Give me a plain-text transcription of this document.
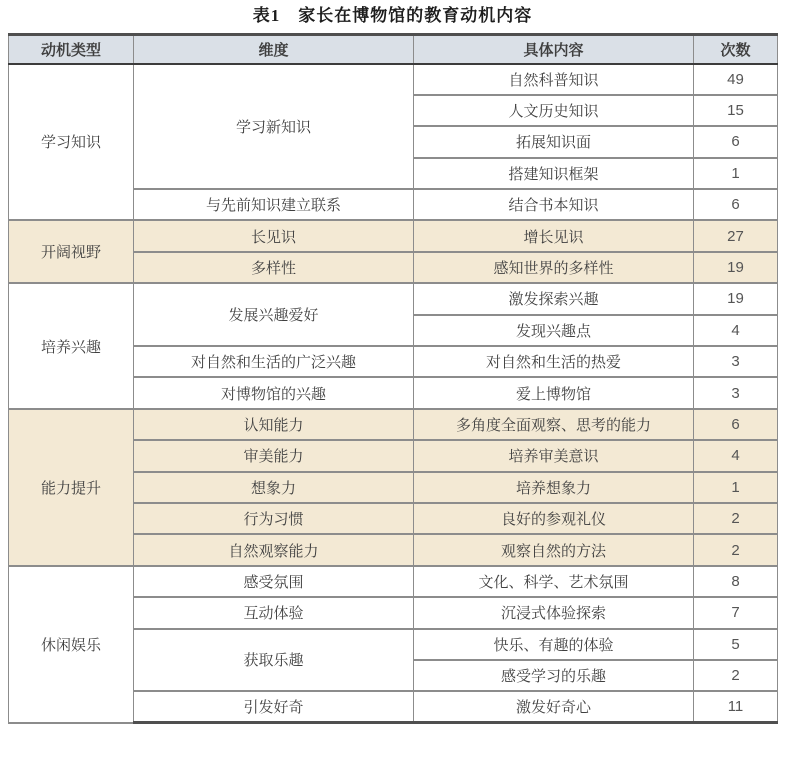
表1　家长在博物馆的教育动机内容

动机类型	维度	具体内容	次数
学习知识	学习新知识	自然科普知识	49
		人文历史知识	15
		拓展知识面	6
		搭建知识框架	1
	与先前知识建立联系	结合书本知识	6
开阔视野	长见识	增长见识	27
	多样性	感知世界的多样性	19
培养兴趣	发展兴趣爱好	激发探索兴趣	19
		发现兴趣点	4
	对自然和生活的广泛兴趣	对自然和生活的热爱	3
	对博物馆的兴趣	爱上博物馆	3
能力提升	认知能力	多角度全面观察、思考的能力	6
	审美能力	培养审美意识	4
	想象力	培养想象力	1
	行为习惯	良好的参观礼仪	2
	自然观察能力	观察自然的方法	2
休闲娱乐	感受氛围	文化、科学、艺术氛围	8
	互动体验	沉浸式体验探索	7
	获取乐趣	快乐、有趣的体验	5
		感受学习的乐趣	2
	引发好奇	激发好奇心	11
